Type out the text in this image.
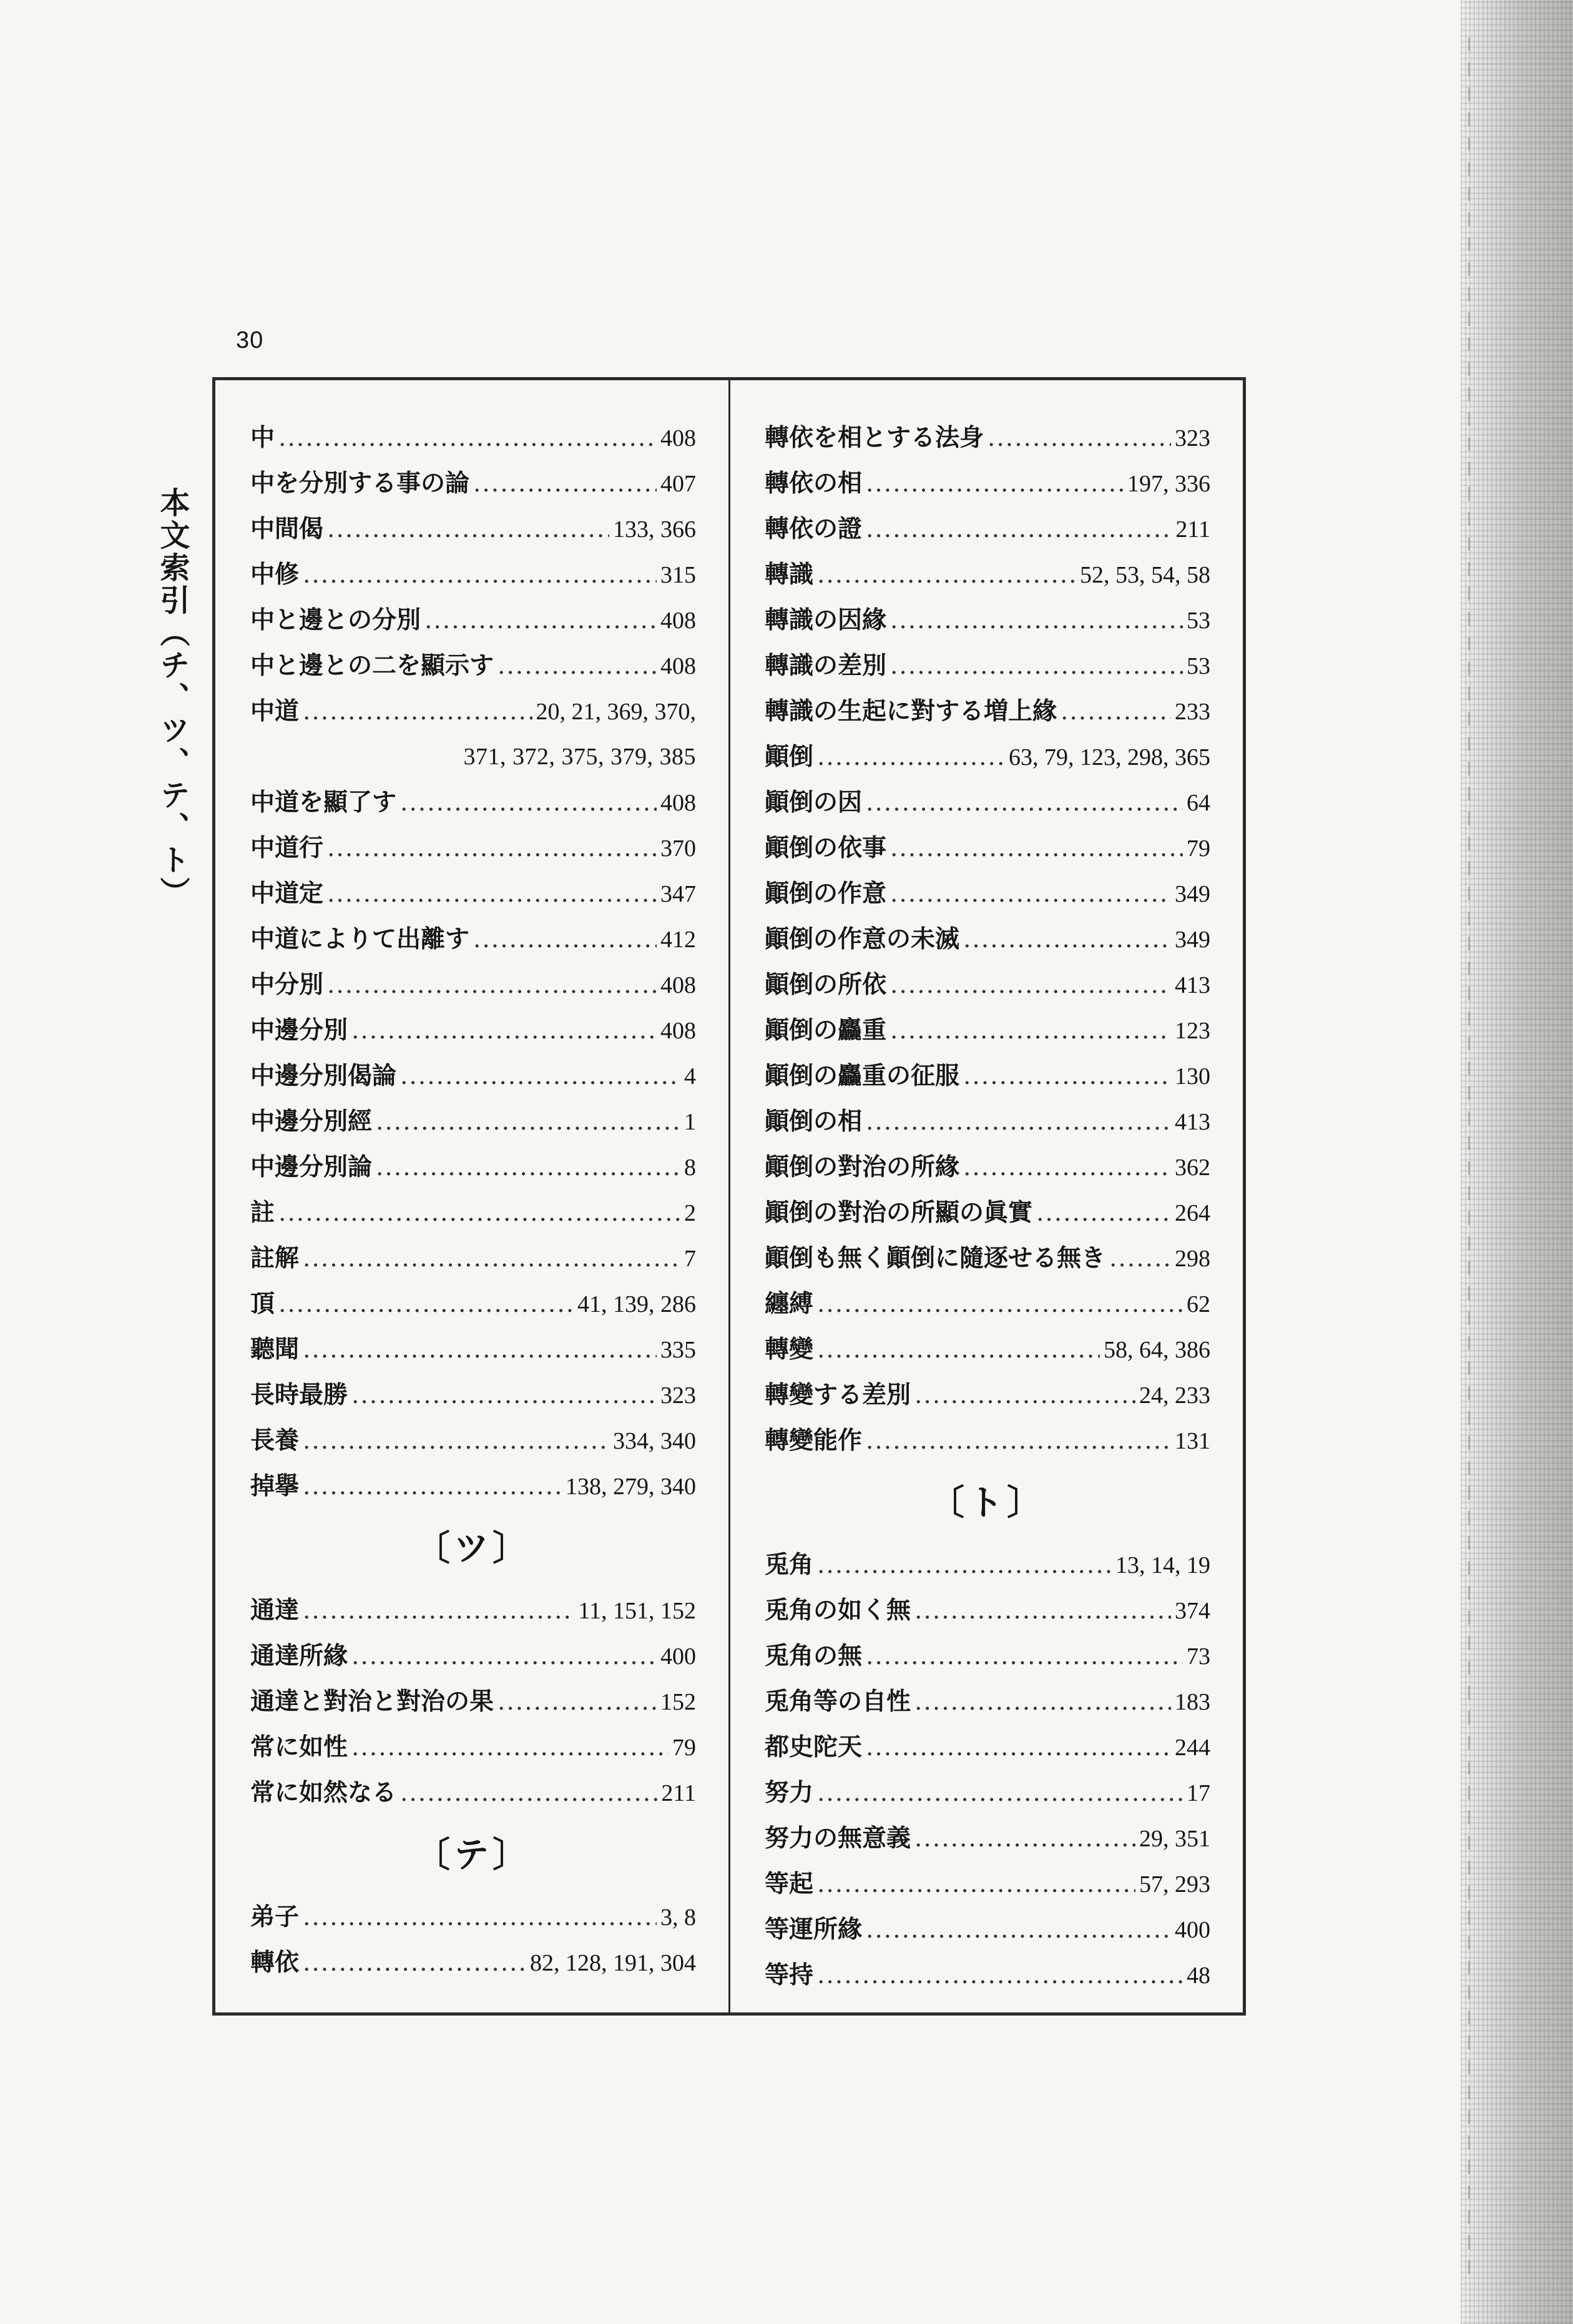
30
本文索引（チ、ツ、テ、ト）
中 .....	408
中を分別する事の論 .....	407
中間偈 .....	133, 366
中修 .....	315
中と邊との分別 .....	408
中と邊との二を顯示す .....	408
中道 .....	20, 21, 369, 370,
371, 372, 375, 379, 385
中道を顯了す .....	408
中道行 .....	370
中道定 .....	347
中道によりて出離す .....	412
中分別 .....	408
中邊分別 .....	408
中邊分別偈論 .....	4
中邊分別經 .....	1
中邊分別論 .....	8
註 .....	2
註解 .....	7
頂 .....	41, 139, 286
聽聞 .....	335
長時最勝 .....	323
長養 .....	334, 340
掉擧 .....	138, 279, 340
〔ツ〕
通達 .....	11, 151, 152
通達所緣 .....	400
通達と對治と對治の果 .....	152
常に如性 .....	79
常に如然なる .....	211
〔テ〕
弟子 .....	3, 8
轉依 .....	82, 128, 191, 304
轉依を相とする法身 .....	323
轉依の相 .....	197, 336
轉依の證 .....	211
轉識 .....	52, 53, 54, 58
轉識の因緣 .....	53
轉識の差別 .....	53
轉識の生起に對する増上緣 .....	233
顚倒 .....	63, 79, 123, 298, 365
顚倒の因 .....	64
顚倒の依事 .....	79
顚倒の作意 .....	349
顚倒の作意の未滅 .....	349
顚倒の所依 .....	413
顚倒の麤重 .....	123
顚倒の麤重の征服 .....	130
顚倒の相 .....	413
顚倒の對治の所緣 .....	362
顚倒の對治の所顯の眞實 .....	264
顚倒も無く顚倒に隨逐せる無き .....	298
纏縛 .....	62
轉變 .....	58, 64, 386
轉變する差別 .....	24, 233
轉變能作 .....	131
〔ト〕
兎角 .....	13, 14, 19
兎角の如く無 .....	374
兎角の無 .....	73
兎角等の自性 .....	183
都史陀天 .....	244
努力 .....	17
努力の無意義 .....	29, 351
等起 .....	57, 293
等運所緣 .....	400
等持 .....	48
